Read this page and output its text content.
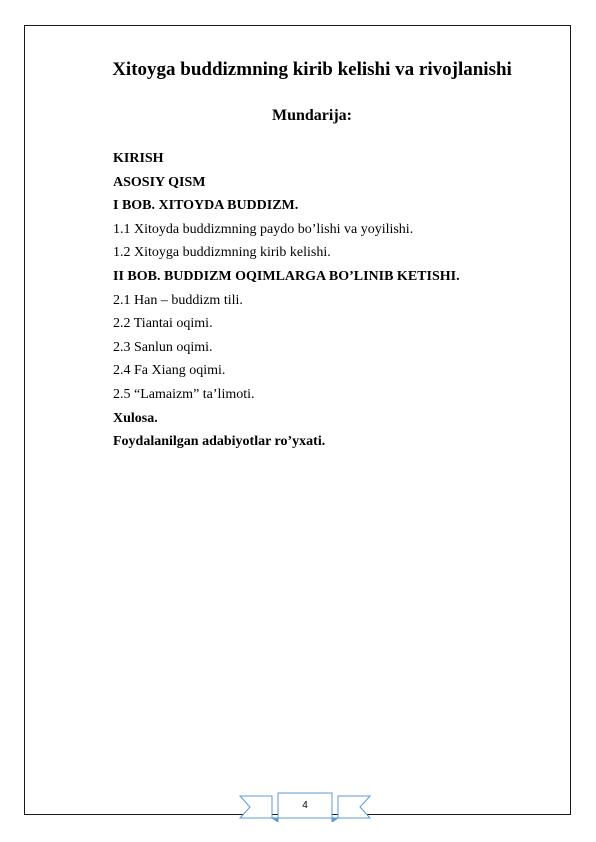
Xitoyga buddizmning kirib kelishi va rivojlanishi
Mundarija:
KIRISH
ASOSIY QISM
I BOB. XITOYDA BUDDIZM.
1.1 Xitoyda buddizmning paydo bo’lishi va yoyilishi.
1.2 Xitoyga buddizmning kirib kelishi.
II BOB. BUDDIZM OQIMLARGA BO’LINIB KETISHI.
2.1 Han – buddizm tili.
2.2 Tiantai oqimi.
2.3 Sanlun oqimi.
2.4 Fa Xiang oqimi.
2.5 “Lamaizm” ta’limoti.
Xulosa.
Foydalanilgan adabiyotlar ro’yxati.
4
